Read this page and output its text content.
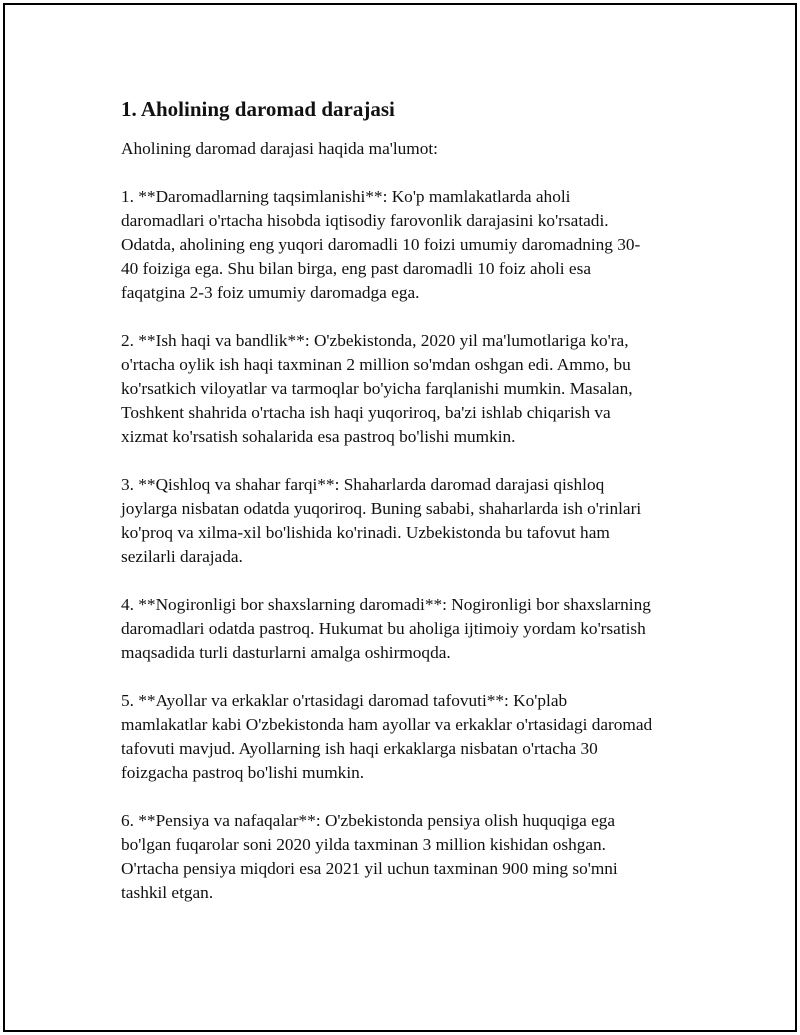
1. Aholining daromad darajasi

Aholining daromad darajasi haqida ma'lumot:

1. **Daromadlarning taqsimlanishi**: Ko'p mamlakatlarda aholi
daromadlari o'rtacha hisobda iqtisodiy farovonlik darajasini ko'rsatadi.
Odatda, aholining eng yuqori daromadli 10 foizi umumiy daromadning 30-
40 foiziga ega. Shu bilan birga, eng past daromadli 10 foiz aholi esa
faqatgina 2-3 foiz umumiy daromadga ega.
2. **Ish haqi va bandlik**: O'zbekistonda, 2020 yil ma'lumotlariga ko'ra,
o'rtacha oylik ish haqi taxminan 2 million so'mdan oshgan edi. Ammo, bu
ko'rsatkich viloyatlar va tarmoqlar bo'yicha farqlanishi mumkin. Masalan,
Toshkent shahrida o'rtacha ish haqi yuqoriroq, ba'zi ishlab chiqarish va
xizmat ko'rsatish sohalarida esa pastroq bo'lishi mumkin.
3. **Qishloq va shahar farqi**: Shaharlarda daromad darajasi qishloq
joylarga nisbatan odatda yuqoriroq. Buning sababi, shaharlarda ish o'rinlari
ko'proq va xilma-xil bo'lishida ko'rinadi. Uzbekistonda bu tafovut ham
sezilarli darajada.
4. **Nogironligi bor shaxslarning daromadi**: Nogironligi bor shaxslarning
daromadlari odatda pastroq. Hukumat bu aholiga ijtimoiy yordam ko'rsatish
maqsadida turli dasturlarni amalga oshirmoqda.
5. **Ayollar va erkaklar o'rtasidagi daromad tafovuti**: Ko'plab
mamlakatlar kabi O'zbekistonda ham ayollar va erkaklar o'rtasidagi daromad
tafovuti mavjud. Ayollarning ish haqi erkaklarga nisbatan o'rtacha 30
foizgacha pastroq bo'lishi mumkin.
6. **Pensiya va nafaqalar**: O'zbekistonda pensiya olish huquqiga ega
bo'lgan fuqarolar soni 2020 yilda taxminan 3 million kishidan oshgan.
O'rtacha pensiya miqdori esa 2021 yil uchun taxminan 900 ming so'mni
tashkil etgan.
